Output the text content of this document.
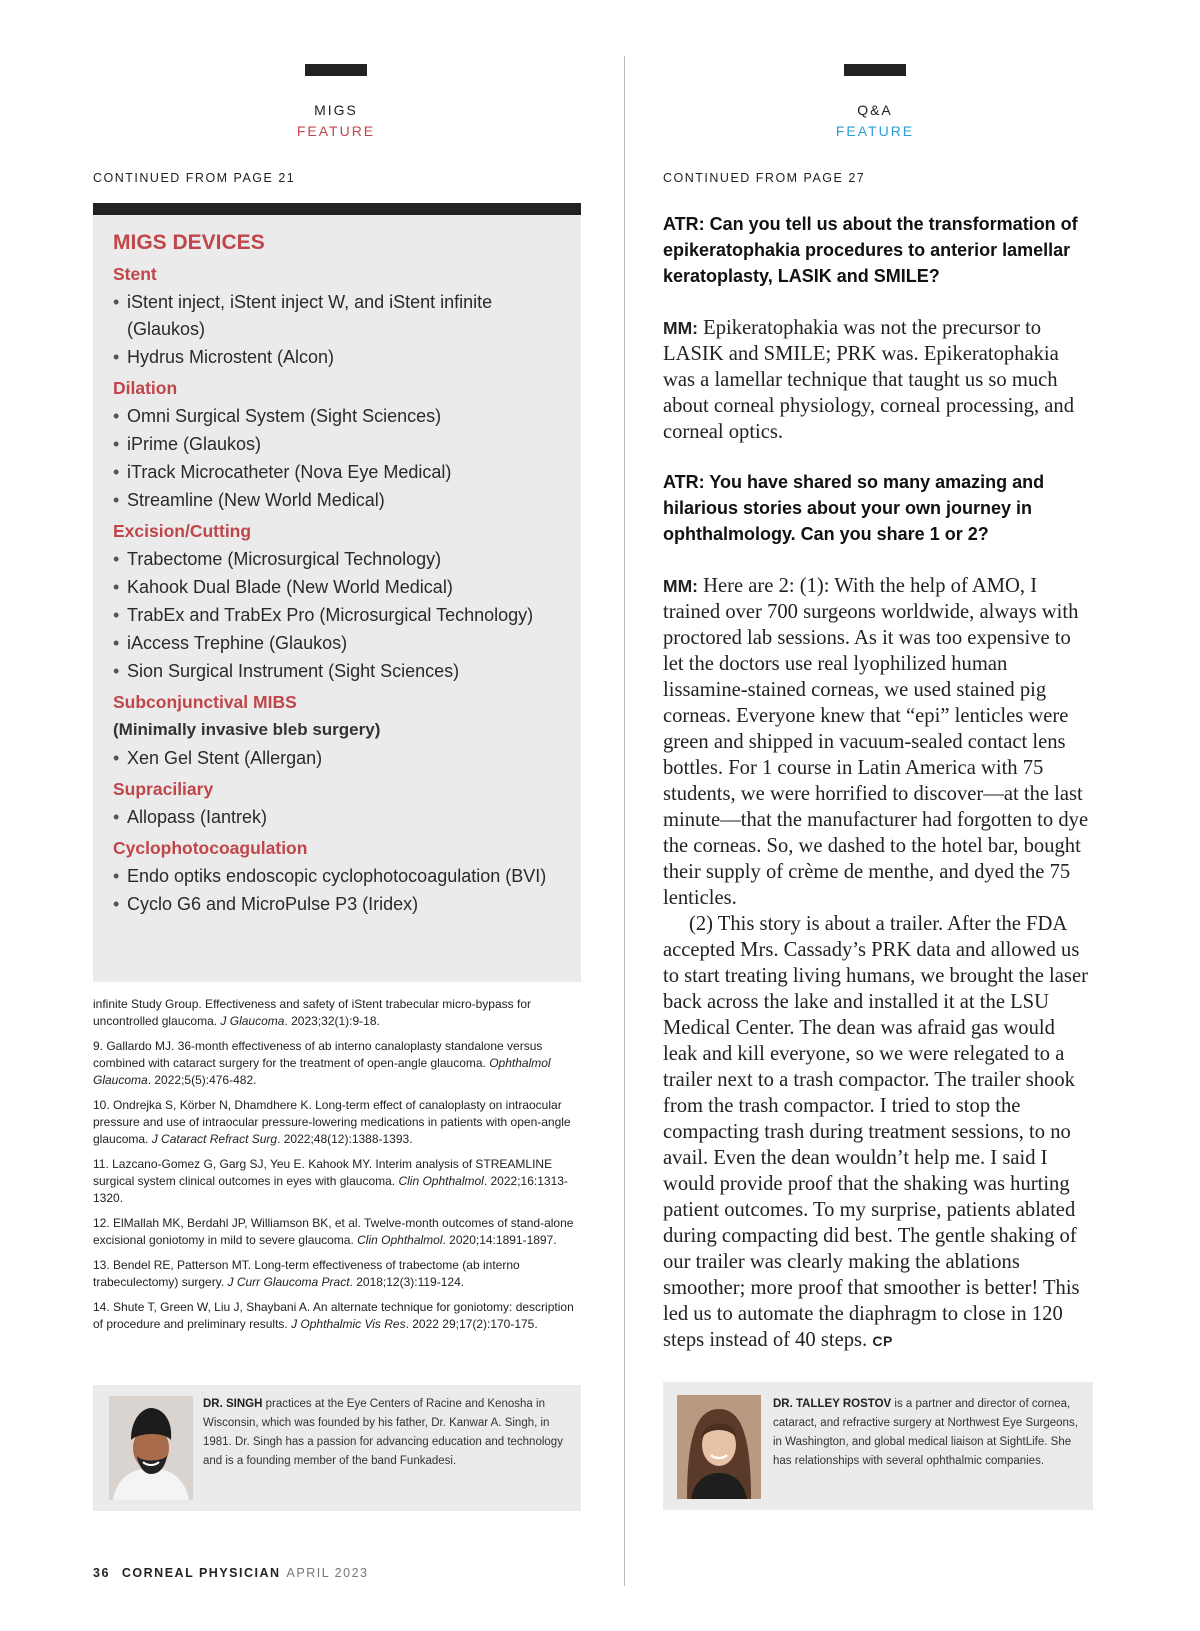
MIGS
FEATURE
Q&A
FEATURE
CONTINUED FROM PAGE 21	CONTINUED FROM PAGE 27
MIGS DEVICES
Stent
• iStent inject, iStent inject W, and iStent infinite (Glaukos)
• Hydrus Microstent (Alcon)
Dilation
• Omni Surgical System (Sight Sciences)
• iPrime (Glaukos)
• iTrack Microcatheter (Nova Eye Medical)
• Streamline (New World Medical)
Excision/Cutting
• Trabectome (Microsurgical Technology)
• Kahook Dual Blade (New World Medical)
• TrabEx and TrabEx Pro (Microsurgical Technology)
• iAccess Trephine (Glaukos)
• Sion Surgical Instrument (Sight Sciences)
Subconjunctival MIBS
(Minimally invasive bleb surgery)
• Xen Gel Stent (Allergan)
Supraciliary
• Allopass (Iantrek)
Cyclophotocoagulation
• Endo optiks endoscopic cyclophotocoagulation (BVI)
• Cyclo G6 and MicroPulse P3 (Iridex)

infinite Study Group. Effectiveness and safety of iStent trabecular micro-bypass for uncontrolled glaucoma. J Glaucoma. 2023;32(1):9-18.

9. Gallardo MJ. 36-month effectiveness of ab interno canaloplasty standalone versus combined with cataract surgery for the treatment of open-angle glaucoma. Ophthalmol Glaucoma. 2022;5(5):476-482.

10. Ondrejka S, Körber N, Dhamdhere K. Long-term effect of canaloplasty on intraocular pressure and use of intraocular pressure-lowering medications in patients with open-angle glaucoma. J Cataract Refract Surg. 2022;48(12):1388-1393.

11. Lazcano-Gomez G, Garg SJ, Yeu E. Kahook MY. Interim analysis of STREAMLINE surgical system clinical outcomes in eyes with glaucoma. Clin Ophthalmol. 2022;16:1313-1320.

12. ElMallah MK, Berdahl JP, Williamson BK, et al. Twelve-month outcomes of stand-alone excisional goniotomy in mild to severe glaucoma. Clin Ophthalmol. 2020;14:1891-1897.

13. Bendel RE, Patterson MT. Long-term effectiveness of trabectome (ab interno trabeculectomy) surgery. J Curr Glaucoma Pract. 2018;12(3):119-124.

14. Shute T, Green W, Liu J, Shaybani A. An alternate technique for goniotomy: description of procedure and preliminary results. J Ophthalmic Vis Res. 2022 29;17(2):170-175.

DR. SINGH practices at the Eye Centers of Racine and Kenosha in Wisconsin, which was founded by his father, Dr. Kanwar A. Singh, in 1981. Dr. Singh has a passion for advancing education and technology and is a founding member of the band Funkadesi.

ATR: Can you tell us about the transformation of epikeratophakia procedures to anterior lamellar keratoplasty, LASIK and SMILE?

MM: Epikeratophakia was not the precursor to LASIK and SMILE; PRK was. Epikeratophakia was a lamellar technique that taught us so much about corneal physiology, corneal processing, and corneal optics.

ATR: You have shared so many amazing and hilarious stories about your own journey in ophthalmology. Can you share 1 or 2?

MM: Here are 2: (1): With the help of AMO, I trained over 700 surgeons worldwide, always with proctored lab sessions. As it was too expensive to let the doctors use real lyophilized human lissamine-stained corneas, we used stained pig corneas. Everyone knew that “epi” lenticles were green and shipped in vacuum-sealed contact lens bottles. For 1 course in Latin America with 75 students, we were horrified to discover—at the last minute—that the manufacturer had forgotten to dye the corneas. So, we dashed to the hotel bar, bought their supply of crème de menthe, and dyed the 75 lenticles.

(2) This story is about a trailer. After the FDA accepted Mrs. Cassady’s PRK data and allowed us to start treating living humans, we brought the laser back across the lake and installed it at the LSU Medical Center. The dean was afraid gas would leak and kill everyone, so we were relegated to a trailer next to a trash compactor. The trailer shook from the trash compactor. I tried to stop the compacting trash during treatment sessions, to no avail. Even the dean wouldn’t help me. I said I would provide proof that the shaking was hurting patient outcomes. To my surprise, patients ablated during compacting did best. The gentle shaking of our trailer was clearly making the ablations smoother; more proof that smoother is better! This led us to automate the diaphragm to close in 120 steps instead of 40 steps. CP

DR. TALLEY ROSTOV is a partner and director of cornea, cataract, and refractive surgery at Northwest Eye Surgeons, in Washington, and global medical liaison at SightLife. She has relationships with several ophthalmic companies.
36 CORNEAL PHYSICIAN APRIL 2023
